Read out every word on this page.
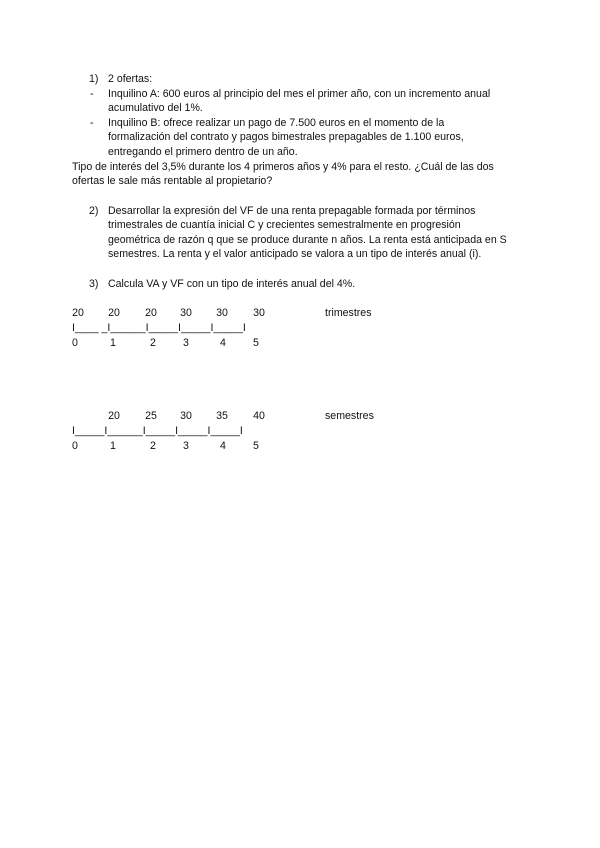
1) 2 ofertas:
- Inquilino A: 600 euros al principio del mes el primer año, con un incremento anual
acumulativo del 1%.
- Inquilino B: ofrece realizar un pago de 7.500 euros en el momento de la
formalización del contrato y pagos bimestrales prepagables de 1.100 euros,
entregando el primero dentro de un año.
Tipo de interés del 3,5% durante los 4 primeros años y 4% para el resto. ¿Cuál de las dos
ofertas le sale más rentable al propietario?
2) Desarrollar la expresión del VF de una renta prepagable formada por términos
trimestrales de cuantía inicial C y crecientes semestralmente en progresión
geométrica de razón q que se produce durante n años. La renta está anticipada en S
semestres. La renta y el valor anticipado se valora a un tipo de interés anual (i).
3) Calcula VA y VF con un tipo de interés anual del 4%.
20	20	20	30	30	30	trimestres
I____ _I______I_____I_____I_____I
0	1	2	3	4	5
20	25	30	35	40	semestres
I_____I______I_____I_____I_____I
0	1	2	3	4	5
